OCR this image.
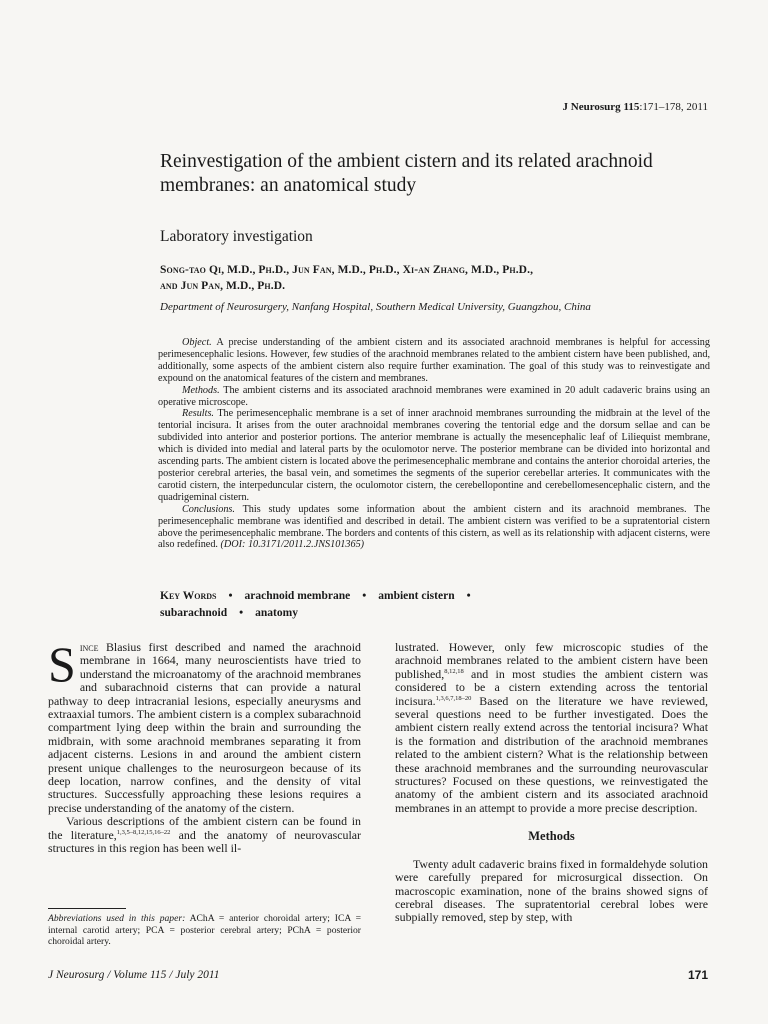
J Neurosurg 115:171–178, 2011
Reinvestigation of the ambient cistern and its related arachnoid membranes: an anatomical study
Laboratory investigation
Song-tao Qi, M.D., Ph.D., Jun Fan, M.D., Ph.D., Xi-an Zhang, M.D., Ph.D.,
and Jun Pan, M.D., Ph.D.
Department of Neurosurgery, Nanfang Hospital, Southern Medical University, Guangzhou, China

Object. A precise understanding of the ambient cistern and its associated arachnoid membranes is helpful for accessing perimesencephalic lesions. However, few studies of the arachnoid membranes related to the ambient cistern have been published, and, additionally, some aspects of the ambient cistern also require further examination. The goal of this study was to reinvestigate and expound on the anatomical features of the cistern and membranes.

Methods. The ambient cisterns and its associated arachnoid membranes were examined in 20 adult cadaveric brains using an operative microscope.

Results. The perimesencephalic membrane is a set of inner arachnoid membranes surrounding the midbrain at the level of the tentorial incisura. It arises from the outer arachnoidal membranes covering the tentorial edge and the dorsum sellae and can be subdivided into anterior and posterior portions. The anterior membrane is actually the mesencephalic leaf of Liliequist membrane, which is divided into medial and lateral parts by the oculomotor nerve. The posterior membrane can be divided into horizontal and ascending parts. The ambient cistern is located above the perimesencephalic membrane and contains the anterior choroidal arteries, the posterior cerebral arteries, the basal vein, and sometimes the segments of the superior cerebellar arteries. It communicates with the carotid cistern, the interpeduncular cistern, the oculomotor cistern, the cerebellopontine and cerebellomesencephalic cistern, and the quadrigeminal cistern.

Conclusions. This study updates some information about the ambient cistern and its arachnoid membranes. The perimesencephalic membrane was identified and described in detail. The ambient cistern was verified to be a supratentorial cistern above the perimesencephalic membrane. The borders and contents of this cistern, as well as its relationship with adjacent cisterns, were also redefined. (DOI: 10.3171/2011.2.JNS101365)

Key Words • arachnoid membrane • ambient cistern •
subarachnoid • anatomy

Since Blasius first described and named the arachnoid membrane in 1664, many neuroscientists have tried to understand the microanatomy of the arachnoid membranes and subarachnoid cisterns that can provide a natural pathway to deep intracranial lesions, especially aneurysms and extraaxial tumors. The ambient cistern is a complex subarachnoid compartment lying deep within the brain and surrounding the midbrain, with some arachnoid membranes separating it from adjacent cisterns. Lesions in and around the ambient cistern present unique challenges to the neurosurgeon because of its deep location, narrow confines, and the density of vital structures. Successfully approaching these lesions requires a precise understanding of the anatomy of the cistern.

Various descriptions of the ambient cistern can be found in the literature,$^{1,3,5-8,12,15,16-22}$ and the anatomy of neurovascular structures in this region has been well il-

lustrated. However, only few microscopic studies of the arachnoid membranes related to the ambient cistern have been published,$^{8,12,18}$ and in most studies the ambient cistern was considered to be a cistern extending across the tentorial incisura.$^{1,3,6,7,18-20}$ Based on the literature we have reviewed, several questions need to be further investigated. Does the ambient cistern really extend across the tentorial incisura? What is the formation and distribution of the arachnoid membranes related to the ambient cistern? What is the relationship between these arachnoid membranes and the surrounding neurovascular structures? Focused on these questions, we reinvestigated the anatomy of the ambient cistern and its associated arachnoid membranes in an attempt to provide a more precise description.

Methods

Twenty adult cadaveric brains fixed in formaldehyde solution were carefully prepared for microsurgical dissection. On macroscopic examination, none of the brains showed signs of cerebral diseases. The supratentorial cerebral lobes were subpially removed, step by step, with

Abbreviations used in this paper: AChA = anterior choroidal artery; ICA = internal carotid artery; PCA = posterior cerebral artery; PChA = posterior choroidal artery.
J Neurosurg / Volume 115 / July 2011	171
